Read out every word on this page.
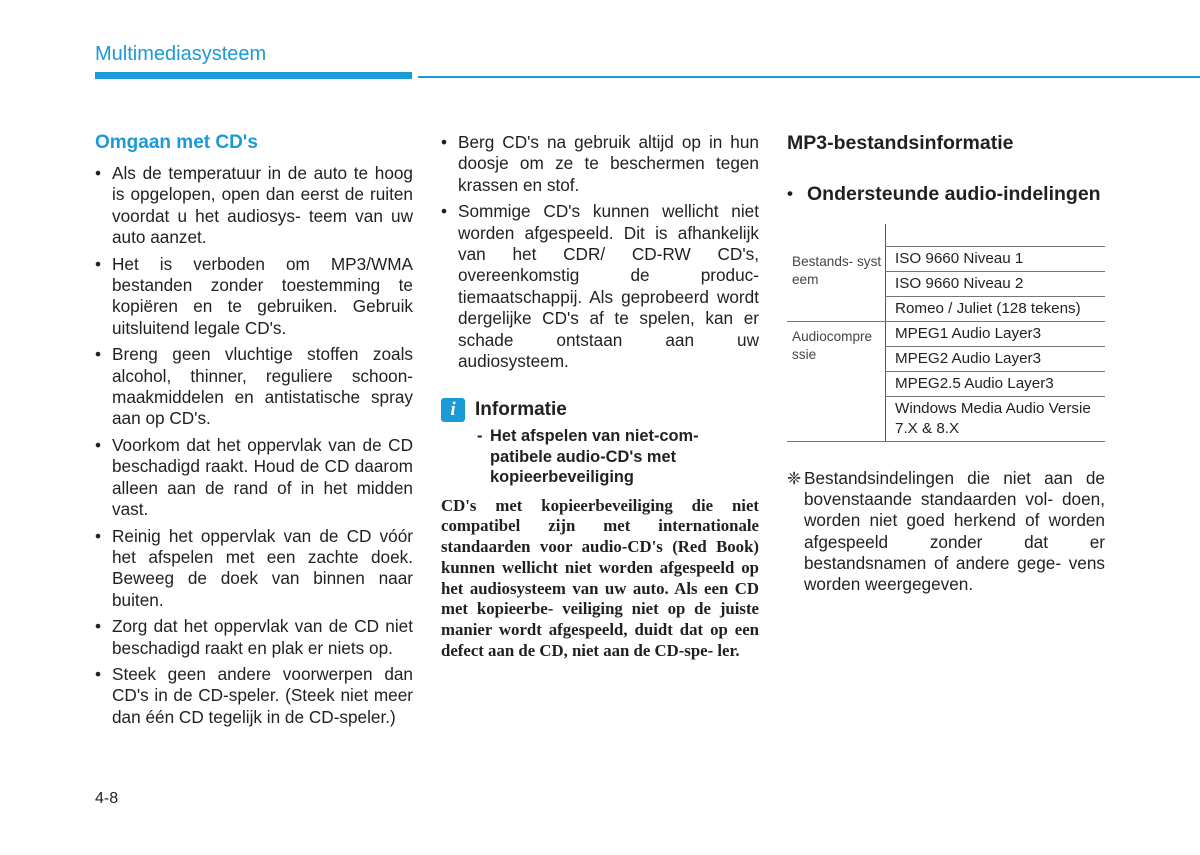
Multimediasysteem
Omgaan met CD's
• Als de temperatuur in de auto te hoog is opgelopen, open dan eerst de ruiten voordat u het audiosys- teem van uw auto aanzet.
• Het is verboden om MP3/WMA bestanden zonder toestemming te kopiëren en te gebruiken. Gebruik uitsluitend legale CD's.
• Breng geen vluchtige stoffen zoals alcohol, thinner, reguliere schoon- maakmiddelen en antistatische spray aan op CD's.
• Voorkom dat het oppervlak van de CD beschadigd raakt. Houd de CD daarom alleen aan de rand of in het midden vast.
• Reinig het oppervlak van de CD vóór het afspelen met een zachte doek. Beweeg de doek van binnen naar buiten.
• Zorg dat het oppervlak van de CD niet beschadigd raakt en plak er niets op.
• Steek geen andere voorwerpen dan CD's in de CD-speler. (Steek niet meer dan één CD tegelijk in de CD-speler.)
• Berg CD's na gebruik altijd op in hun doosje om ze te beschermen tegen krassen en stof.
• Sommige CD's kunnen wellicht niet worden afgespeeld. Dit is afhankelijk van het CDR/ CD-RW CD's, overeenkomstig de produc- tiemaatschappij. Als geprobeerd wordt dergelijke CD's af te spelen, kan er schade ontstaan aan uw audiosysteem.
i	Informatie
- Het afspelen van niet-com- patibele audio-CD's met kopieerbeveiliging
CD's met kopieerbeveiliging die niet compatibel zijn met internationale standaarden voor audio-CD's (Red Book) kunnen wellicht niet worden afgespeeld op het audiosysteem van uw auto. Als een CD met kopieerbe- veiliging niet op de juiste manier wordt afgespeeld, duidt dat op een defect aan de CD, niet aan de CD-spe- ler.
MP3-bestandsinformatie
• Ondersteunde audio-indelingen

Bestands- syst eem	ISO 9660 Niveau 1
	ISO 9660 Niveau 2
	Romeo / Juliet (128 tekens)
Audiocompre ssie	MPEG1 Audio Layer3
	MPEG2 Audio Layer3
	MPEG2.5 Audio Layer3
	Windows Media Audio Versie 7.X & 8.X
❈ Bestandsindelingen die niet aan de bovenstaande standaarden vol- doen, worden niet goed herkend of worden afgespeeld zonder dat er bestandsnamen of andere gege- vens worden weergegeven.
4-8
